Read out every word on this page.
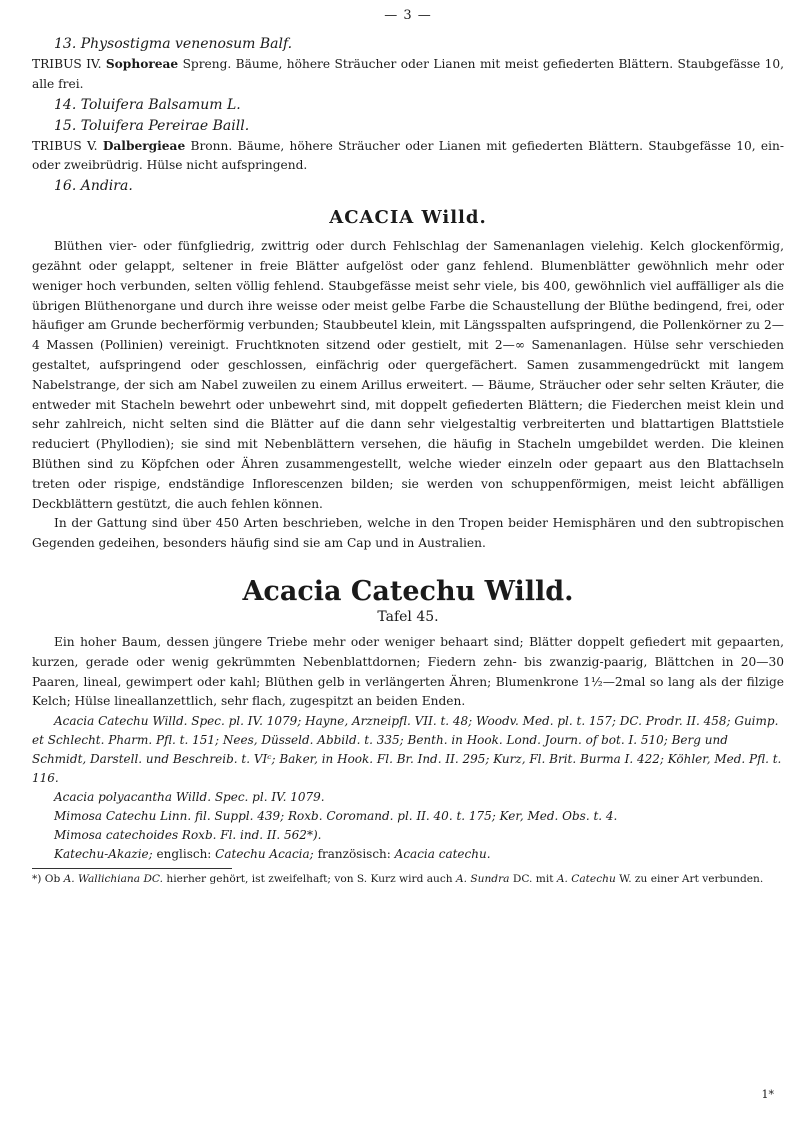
— 3 —
13. Physostigma venenosum Balf.

TRIBUS IV. Sophoreae Spreng. Bäume, höhere Sträucher oder Lianen mit meist gefiederten Blättern. Staubgefässe 10, alle frei.

14. Toluifera Balsamum L.
15. Toluifera Pereirae Baill.

TRIBUS V. Dalbergieae Bronn. Bäume, höhere Sträucher oder Lianen mit gefiederten Blättern. Staubgefässe 10, ein- oder zweibrüdrig. Hülse nicht aufspringend.

16. Andira.
ACACIA Willd.

Blüthen vier- oder fünfgliedrig, zwittrig oder durch Fehlschlag der Samenanlagen vielehig. Kelch glockenförmig, gezähnt oder gelappt, seltener in freie Blätter aufgelöst oder ganz fehlend. Blumenblätter gewöhnlich mehr oder weniger hoch verbunden, selten völlig fehlend. Staubgefässe meist sehr viele, bis 400, gewöhnlich viel auffälliger als die übrigen Blüthenorgane und durch ihre weisse oder meist gelbe Farbe die Schaustellung der Blüthe bedingend, frei, oder häufiger am Grunde becherförmig verbunden; Staubbeutel klein, mit Längsspalten aufspringend, die Pollenkörner zu 2—4 Massen (Pollinien) vereinigt. Fruchtknoten sitzend oder gestielt, mit 2—∞ Samenanlagen. Hülse sehr verschieden gestaltet, aufspringend oder geschlossen, einfächrig oder quergefächert. Samen zusammengedrückt mit langem Nabelstrange, der sich am Nabel zuweilen zu einem Arillus erweitert. — Bäume, Sträucher oder sehr selten Kräuter, die entweder mit Stacheln bewehrt oder unbewehrt sind, mit doppelt gefiederten Blättern; die Fiederchen meist klein und sehr zahlreich, nicht selten sind die Blätter auf die dann sehr vielgestaltig verbreiterten und blattartigen Blattstiele reduciert (Phyllodien); sie sind mit Nebenblättern versehen, die häufig in Stacheln umgebildet werden. Die kleinen Blüthen sind zu Köpfchen oder Ähren zusammengestellt, welche wieder einzeln oder gepaart aus den Blattachseln treten oder rispige, endständige Inflorescenzen bilden; sie werden von schuppenförmigen, meist leicht abfälligen Deckblättern gestützt, die auch fehlen können.

In der Gattung sind über 450 Arten beschrieben, welche in den Tropen beider Hemisphären und den subtropischen Gegenden gedeihen, besonders häufig sind sie am Cap und in Australien.

Acacia Catechu Willd.
Tafel 45.

Ein hoher Baum, dessen jüngere Triebe mehr oder weniger behaart sind; Blätter doppelt gefiedert mit gepaarten, kurzen, gerade oder wenig gekrümmten Nebenblattdornen; Fiedern zehn- bis zwanzig-paarig, Blättchen in 20—30 Paaren, lineal, gewimpert oder kahl; Blüthen gelb in verlängerten Ähren; Blumenkrone 1½—2mal so lang als der filzige Kelch; Hülse lineallanzettlich, sehr flach, zugespitzt an beiden Enden.

Acacia Catechu Willd. Spec. pl. IV. 1079; Hayne, Arzneipfl. VII. t. 48; Woodv. Med. pl. t. 157; DC. Prodr. II. 458; Guimp. et Schlecht. Pharm. Pfl. t. 151; Nees, Düsseld. Abbild. t. 335; Benth. in Hook. Lond. Journ. of bot. I. 510; Berg und Schmidt, Darstell. und Beschreib. t. VIᶜ; Baker, in Hook. Fl. Br. Ind. II. 295; Kurz, Fl. Brit. Burma I. 422; Köhler, Med. Pfl. t. 116.

Acacia polyacantha Willd. Spec. pl. IV. 1079.

Mimosa Catechu Linn. fil. Suppl. 439; Roxb. Coromand. pl. II. 40. t. 175; Ker, Med. Obs. t. 4.

Mimosa catechoides Roxb. Fl. ind. II. 562*).

Katechu-Akazie; englisch: Catechu Acacia; französisch: Acacia catechu.

*) Ob A. Wallichiana DC. hierher gehört, ist zweifelhaft; von S. Kurz wird auch A. Sundra DC. mit A. Catechu W. zu einer Art verbunden.

1*
